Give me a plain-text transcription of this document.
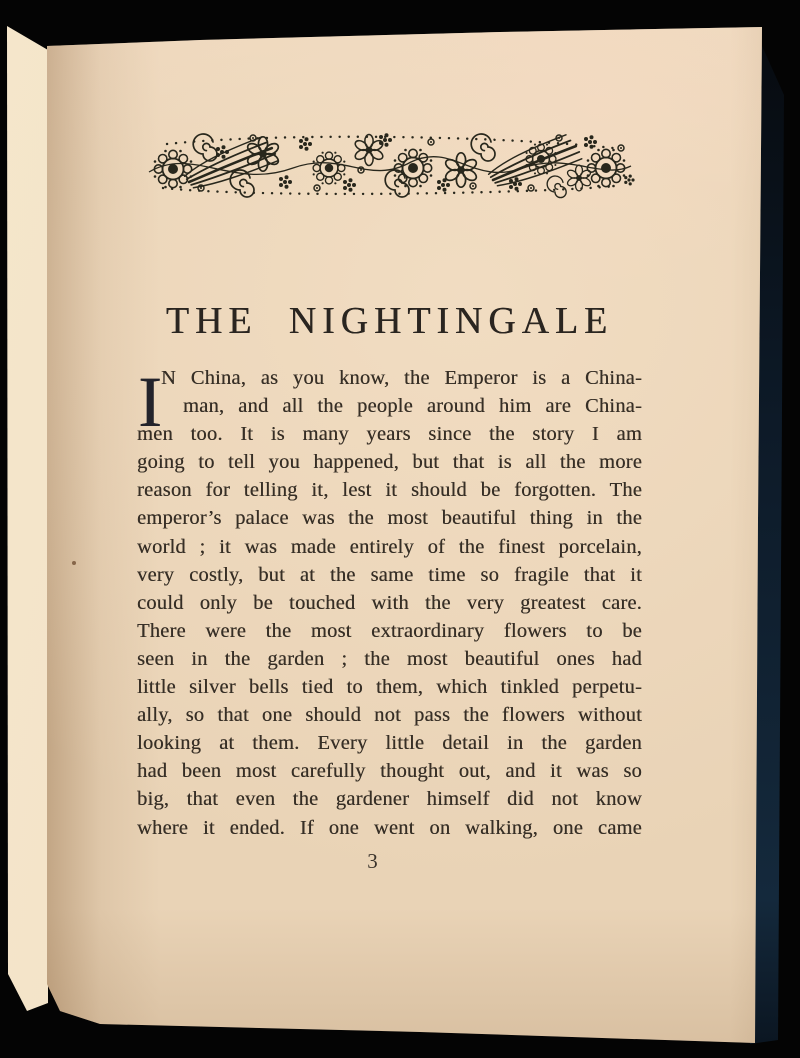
THE NIGHTINGALE
I N China, as you know, the Emperor is a China-
man, and all the people around him are China-
men too. It is many years since the story I am
going to tell you happened, but that is all the more
reason for telling it, lest it should be forgotten. The
emperor’s palace was the most beautiful thing in the
world ; it was made entirely of the finest porcelain,
very costly, but at the same time so fragile that it
could only be touched with the very greatest care.
There were the most extraordinary flowers to be
seen in the garden ; the most beautiful ones had
little silver bells tied to them, which tinkled perpetu-
ally, so that one should not pass the flowers without
looking at them. Every little detail in the garden
had been most carefully thought out, and it was so
big, that even the gardener himself did not know
where it ended. If one went on walking, one came
3
